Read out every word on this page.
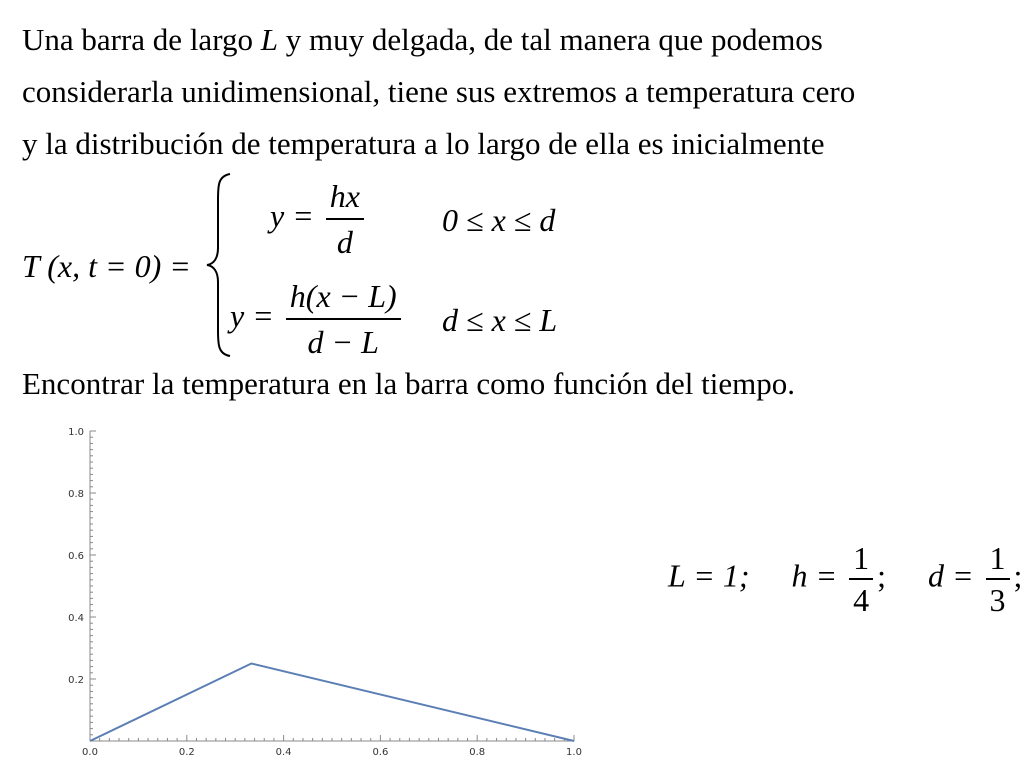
Una barra de largo L y muy delgada, de tal manera que podemos
considerarla unidimensional, tiene sus extremos a temperatura cero
y la distribución de temperatura a lo largo de ella es inicialmente
T (x, t = 0) =
$y = \frac{hx}{d} 0 \le x \le d$
$y = \frac{h(x - L)}{d - L}$ d ≤ x ≤ L
Encontrar la temperatura en la barra como función del tiempo.
L = 1; $h = \frac{1}{4}$ ; $d = \frac{1}{3}$ ;
0.0	0.2	0.4	0.6	0.8	1.0
0.2
0.4
0.6
0.8
1.0
